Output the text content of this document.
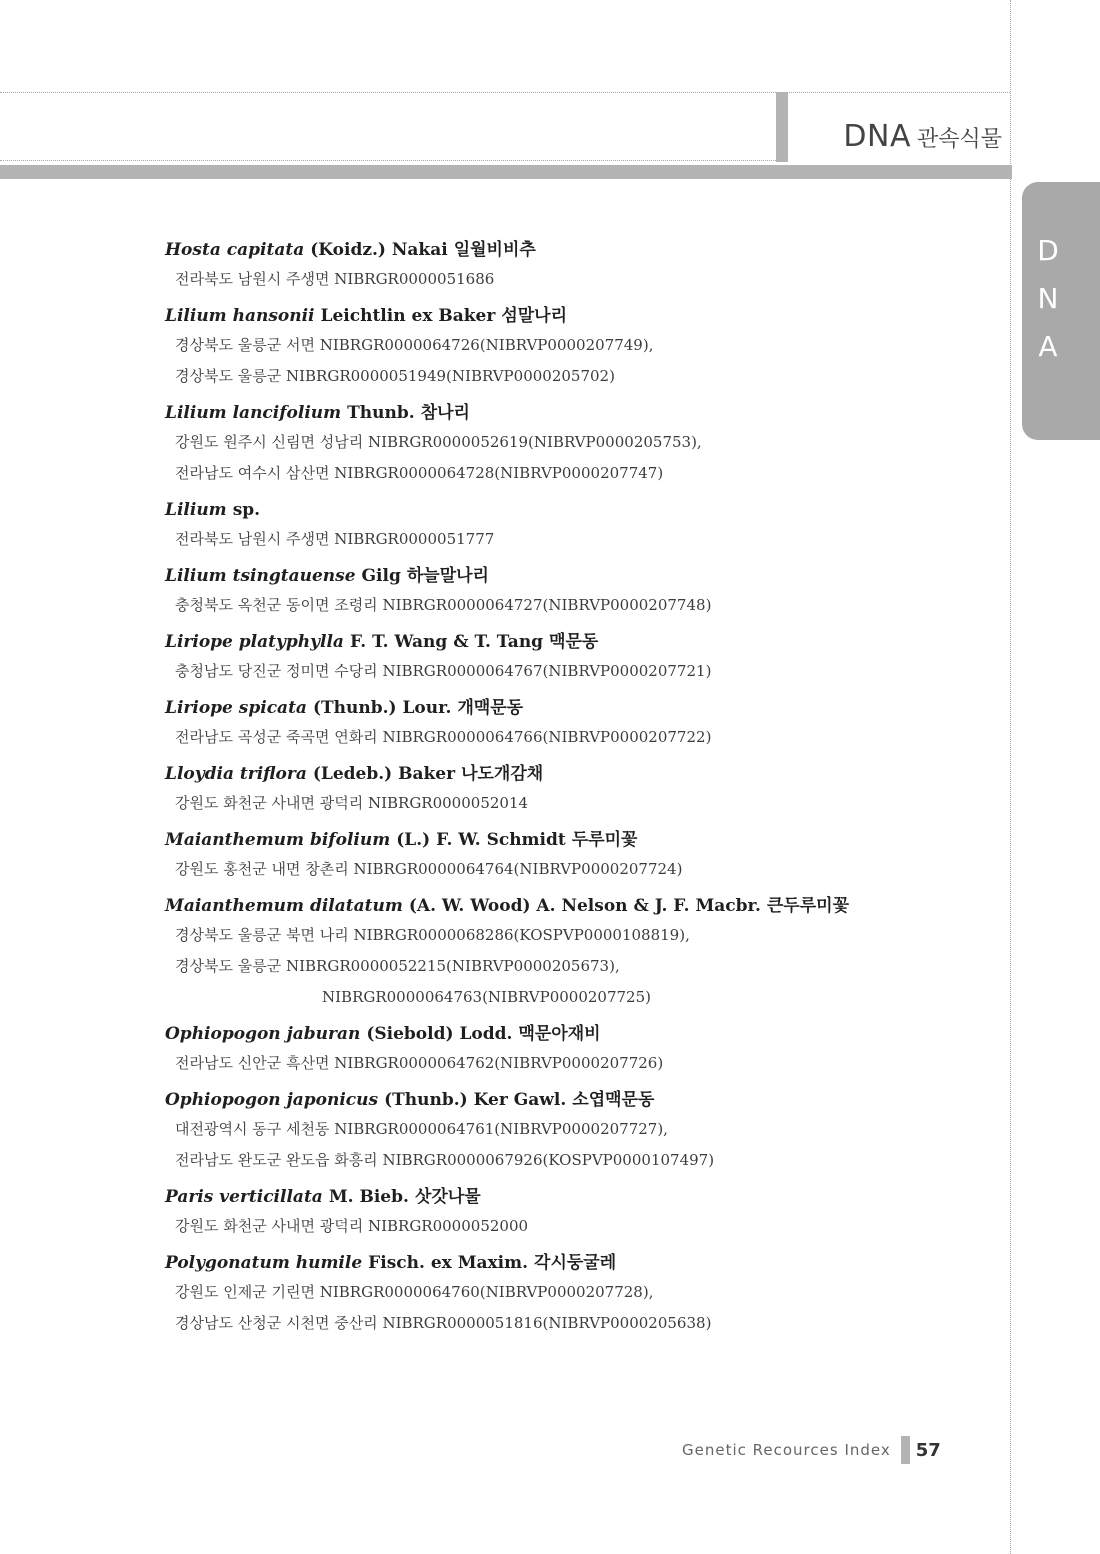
DNA 관속식물
D
N
A
Hosta capitata (Koidz.) Nakai 일월비비추
전라북도 남원시 주생면 NIBRGR0000051686
Lilium hansonii Leichtlin ex Baker 섬말나리
경상북도 울릉군 서면 NIBRGR0000064726(NIBRVP0000207749),
경상북도 울릉군 NIBRGR0000051949(NIBRVP0000205702)
Lilium lancifolium Thunb. 참나리
강원도 원주시 신림면 성남리 NIBRGR0000052619(NIBRVP0000205753),
전라남도 여수시 삼산면 NIBRGR0000064728(NIBRVP0000207747)
Lilium sp.
전라북도 남원시 주생면 NIBRGR0000051777
Lilium tsingtauense Gilg 하늘말나리
충청북도 옥천군 동이면 조령리 NIBRGR0000064727(NIBRVP0000207748)
Liriope platyphylla F. T. Wang & T. Tang 맥문동
충청남도 당진군 정미면 수당리 NIBRGR0000064767(NIBRVP0000207721)
Liriope spicata (Thunb.) Lour. 개맥문동
전라남도 곡성군 죽곡면 연화리 NIBRGR0000064766(NIBRVP0000207722)
Lloydia triflora (Ledeb.) Baker 나도개감채
강원도 화천군 사내면 광덕리 NIBRGR0000052014
Maianthemum bifolium (L.) F. W. Schmidt 두루미꽃
강원도 홍천군 내면 창촌리 NIBRGR0000064764(NIBRVP0000207724)
Maianthemum dilatatum (A. W. Wood) A. Nelson & J. F. Macbr. 큰두루미꽃
경상북도 울릉군 북면 나리 NIBRGR0000068286(KOSPVP0000108819),
경상북도 울릉군 NIBRGR0000052215(NIBRVP0000205673),
NIBRGR0000064763(NIBRVP0000207725)
Ophiopogon jaburan (Siebold) Lodd. 맥문아재비
전라남도 신안군 흑산면 NIBRGR0000064762(NIBRVP0000207726)
Ophiopogon japonicus (Thunb.) Ker Gawl. 소엽맥문동
대전광역시 동구 세천동 NIBRGR0000064761(NIBRVP0000207727),
전라남도 완도군 완도읍 화흥리 NIBRGR0000067926(KOSPVP0000107497)
Paris verticillata M. Bieb. 삿갓나물
강원도 화천군 사내면 광덕리 NIBRGR0000052000
Polygonatum humile Fisch. ex Maxim. 각시둥굴레
강원도 인제군 기린면 NIBRGR0000064760(NIBRVP0000207728),
경상남도 산청군 시천면 중산리 NIBRGR0000051816(NIBRVP0000205638)
Genetic Recources Index 57
